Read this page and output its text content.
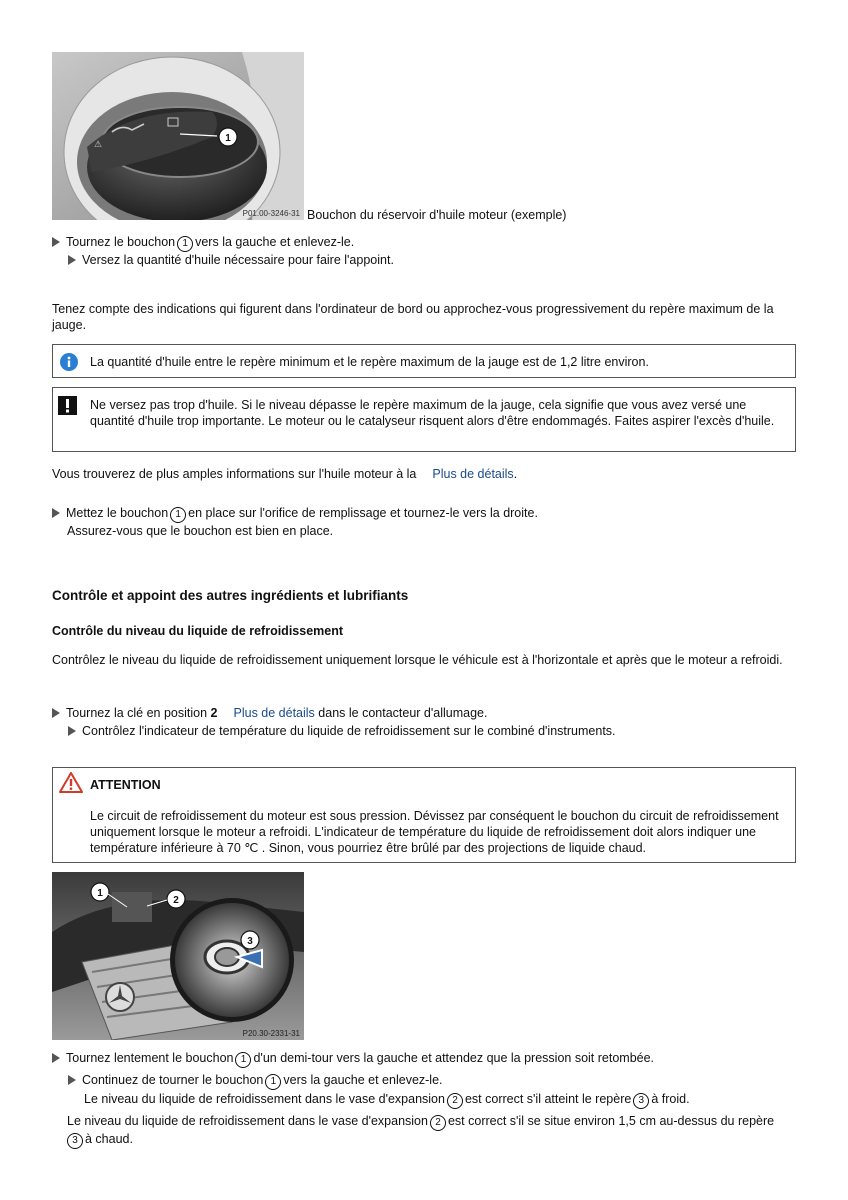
⚠	1
P01.00-3246-31 Bouchon du réservoir d'huile moteur (exemple)
Tournez le bouchon 1 vers la gauche et enlevez-le.
Versez la quantité d'huile nécessaire pour faire l'appoint.
Tenez compte des indications qui figurent dans l'ordinateur de bord ou approchez-vous progressivement du repère maximum de la jauge.
La quantité d'huile entre le repère minimum et le repère maximum de la jauge est de 1,2 litre environ.
Ne versez pas trop d'huile. Si le niveau dépasse le repère maximum de la jauge, cela signifie que vous avez versé une quantité d'huile trop importante. Le moteur ou le catalyseur risquent alors d'être endommagés. Faites aspirer l'excès d'huile.
Vous trouverez de plus amples informations sur l'huile moteur à la Plus de détails.
Mettez le bouchon 1 en place sur l'orifice de remplissage et tournez-le vers la droite.
Assurez-vous que le bouchon est bien en place.
Contrôle et appoint des autres ingrédients et lubrifiants
Contrôle du niveau du liquide de refroidissement
Contrôlez le niveau du liquide de refroidissement uniquement lorsque le véhicule est à l'horizontale et après que le moteur a refroidi.
Tournez la clé en position 2 Plus de détails dans le contacteur d'allumage.
Contrôlez l'indicateur de température du liquide de refroidissement sur le combiné d'instruments.
ATTENTION
Le circuit de refroidissement du moteur est sous pression. Dévissez par conséquent le bouchon du circuit de refroidissement uniquement lorsque le moteur a refroidi. L'indicateur de température du liquide de refroidissement doit alors indiquer une température inférieure à 70 ℃ . Sinon, vous pourriez être brûlé par des projections de liquide chaud.
1
2
3
P20.30-2331-31
Tournez lentement le bouchon 1 d'un demi-tour vers la gauche et attendez que la pression soit retombée.
Continuez de tourner le bouchon 1 vers la gauche et enlevez-le.
Le niveau du liquide de refroidissement dans le vase d'expansion 2 est correct s'il atteint le repère 3 à froid.
Le niveau du liquide de refroidissement dans le vase d'expansion 2 est correct s'il se situe environ 1,5 cm au-dessus du repère
3 à chaud.
